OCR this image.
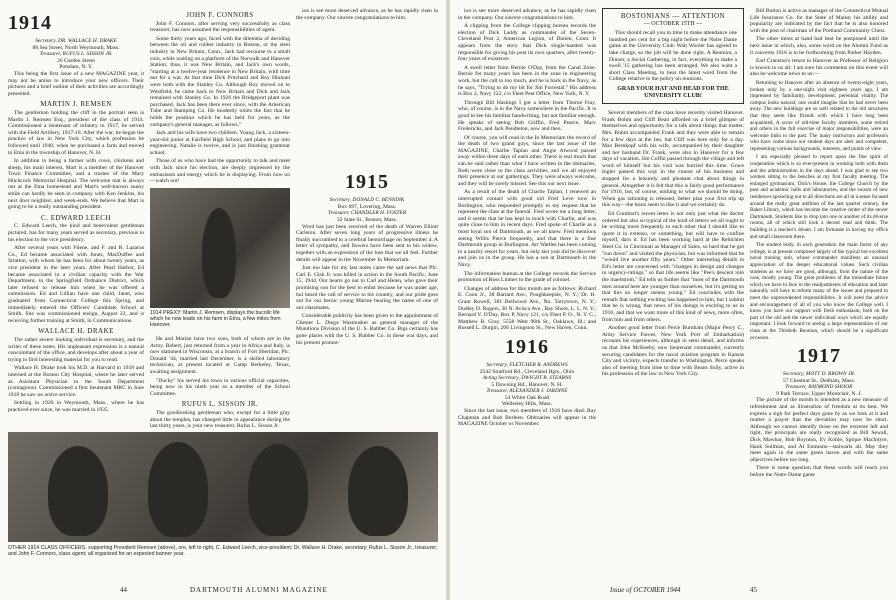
1914
Secretary, DR. WALLACE H. DRAKE
88 Sea Street, North Weymouth, Mass.
Treasurer, RUFUS L. SISSON JR.
26 Garden Street
Potsdam, N. Y.

This being the first issue of a new MAGAZINE year, it may not be amiss to introduce your new officers. Their pictures and a brief outline of their activities are accordingly presented.

MARTIN J. REMSEN

The gentleman holding the cliff in the portrait seen is Martin J. Remsen Esq., president of the class of 1914. Commissioned a lieutenant of infantry in 1917, he served with the Field Artillery, 1917-18. After the war, he began the practice of law in New York City, which profession he followed until 1940, when he purchased a farm and moved to Etna in the township of Hanover, N. H.

In addition to being a farmer with cows, chickens and sheep, his main interest, Mart is a member of the Hanover Town Finance Committee, and a trustee of the Mary Hitchcock Memorial Hospital. The welcome mat is always out at the Etna homestead and Mart's well-known sunny smile can hardly be seen in company with Ken Jenkins, his next door neighbor, and week-ends. We believe that Mart is going to be a really outstanding president.

C. EDWARD LEECH

C. Edward Leech, the kind and benevolent gentleman pictured, has for many years served as secretary, previous to his election to the vice presidency.

After several years with Filene, and F. and R. Lazarus Co., Ed became associated with Jones, MacDuffee and Stratton, with whom he has been for about twenty years, as vice president in the later years. After Pearl Harbor, Ed became associated in a civilian capacity with the War Department, in the Springfield Ordnance District, which later refused to release him when he was offered a commission. Ed and Lillian have one child, Janet, who graduated from Connecticut College this Spring, and immediately entered the Officers' Candidate School at Smith. She was commissioned ensign, August 22, and is receiving further training at Smith, in Communications.

WALLACE H. DRAKE

The rather severe looking individual is secretary, and the writer of these notes. His unpleasant expression is a natural concomitant of the office, and develops after about a year of trying to find interesting material for you to read.

Wallace H. Drake took his M.D. at Harvard in 1918 and interned at the Boston City Hospital, where he later served as Assistant Physician to the South Department (contagious). Commissioned a first lieutenant MRC in June 1918 he saw no active service.

Settling in 1920 in Weymouth, Mass., where he has practiced ever since, he was married in 1935.

JOHN F. CONNORS

John F. Connors, after serving very successfully as class treasurer, has now assumed the responsibilities of agent.

Some thirty years ago, faced with the dilemma of deciding between the oil and rubber industry in Boston, or the steel industry in New Britain, Conn., Jack had recourse to a small coin, while waiting on a platform of the Norwalk and Hanover Station; thus, it was New Britain, and Jack's own words, "starting at a twelve-year residence in New Britain, with time out for a war. At that time Dick Pritchard and Roy Hinman were both with the Stanley Co. Although Roy moved on to Westfield, he came back to New Britain and Dick and Jack remained with Stanley Co. In 1926 the Bridgeport plant was purchased, Jack has been there ever since, with the American Tube and Stamping Co. He modestly omits the fact that he holds the position which he has held for years, as the company's general manager, as follows."

Jack and his wife have two children. Young Jack, a sixteen-year-old junior at Fairfield High School, and plans to go into engineering. Natalie is twelve, and is just finishing grammar school.

Those of us who have had the opportunity to talk and meet with Jack since his election, are deeply impressed by the enthusiasm and energy which he is displaying. From now on—watch out!

1914 PREXY: Martin J. Remsen, displays the bucolic life which he now leads on his farm in Etna, a few miles from Hanover.

He and Marian have two sons, both of whom are in the Army. Robert, just returned from a year in Africa and Italy, is now stationed in Wisconsin, at a branch of Fort Sheridan, Pic. Donald '44, married last December, is a skilled laboratory technician, at present located at Camp Berkeley, Texas, awaiting assignment.

"Ducky" his served his town in various official capacities, being now in his ninth year as a member of the School Committee.

RUFUS L. SISSON JR.

The goodlooking gentleman who, except for a little gray about the temples, has changed little in appearance during the last thirty years, is your new treasurer, Rufus L. Sisson Jr.

ion is see more deserved advance, as he has rapidly risen in the company. Our sincere congratulations to him.

1915
Secretary, DONALD C. BENNINK
Box 697, Lovering, Mass.
Treasurer, CHANDLER H. FOSTER
32 State St., Boston, Mass.

Word has just been received of the death of Warren Elliott Carleton. After seven long years of progressive illness he finally succumbed to a cerebral hemorrhage on September 4. A letter of sympathy, and flowers have been sent to his widow, together with an expression of the loss that we all feel. Further details will appear in the November In Memoriam.

Just too late for my last notes came the sad news that Pfc. Carl E. Gish Jr. was killed in action in the South Pacific, June 15, 1944. Our hearts go out to Carl and Helen, who gave their promising son for the best to enlist because he was under age, but heard the call of service to his country, and our pride goes out for our heroic young Marine bearing the name of one of our classmates.

Considerable publicity has been given to the appointment of Chester L. Diego Wasmusker as general manager of the Munitions Division of the U. S. Rubber Co. Bigs certainly has gone places with the U. S. Rubber Co. in these war days, and his present promot-

OTHER 1914 CLASS OFFICERS, supporting President Remsen (above), ore, left to right, C. Edward Leech, vice-president; Dr. Wallace H. Drake, secretary; Rufus L. Sisson Jr., treasurer; and John F. Connors, class agent; all organized for an expected banner year.
44	DARTMOUTH ALUMNI MAGAZINE

ion is see more deserved advance, as he has rapidly risen in the company. Our sincere congratulations to him.

A clipping from the College clipping bureau records the election of Dick Laddy as commander of the Seven-Cleveland Post 2, American Legion, of Darien, Conn. It appears from the story that Dick single-handed was responsible for giving his post its own quarters, after twenty-four years of existence.

A swell letter from Bernie O'Day, from the Canal Zone. Bernie for many years has been in the zone in engineering work, but the call to too much, and he is back in the Navy, as he says, "Trying to do my bit for Jim Forrestal." His address is Box 2, Navy 122, c/o Fleet Post Office, New York, N. Y.

Through Bill Hastings I got a letter from Thorne Fray, who, of course, is in the Navy somewhere in the Pacific. It is good to see his familiar handwriting, but not familiar enough. He speaks of seeing Bob Griffin, Fred Pearce, Marv Fredericks, and Jack Pendleton, now and then.

Of course, you will read in the In Memoriam the record of the death of two grand guys, since the last issue of the MAGAZINE, Charlie Taplan and Angie Atwood passed away within three days of each other. There is real much that can be said rather than what I have written in the obituaries. Both were close to the class activities, and we all enjoyed their presence at our gatherings. They were always welcome, and they will be sorely missed. See this our next issue.

As a result of the death of Charlie Taplan, I renewed an interrupted contact with good old Fred Leve now in Burlington, who responded promptly to my request that he represent the class at the funeral. Fred wrote me a long letter, and it seems that he has kept in touch with Charlie, and was quite close to him in recent days. Fred spoke of Charlie as a most loyal son of Dartmouth, as we all knew. Fred mentions seeing Willis Pierce frequently, and that there is a fine Dartmouth group in Burlington. Art Wattles has been coming to a nearby resort for years, but only last year did he discover and join us in the group. He has a son at Dartmouth in the Navy.

The information bureau at the College records the Service promotion of Ross Lintner to the grade of colonel.

Changes of address for this month are as follows: Richard E. Coon Jr., 38 Bartard Ave., Poughkeepsie, N. Y.; Dr. H. Grant Rowell, 381 Bellwood Ave., No. Tarrytown, N. Y.; Dudley D. Rogers, 30 N. Avisca Ave., Bay Shore, L. I., N. Y.; Bernard V. O'Day, Box P, Navy 121, c/o Fleet P. O., N. Y. C.; Matthew R. Gray, 5558 West 96th St., Oaklawn, Ill.; and Russell L. Durgin, 206 Livingston St., New Haven, Conn.

1916
Secretary, FLETCHER R. ANDREWS
2542 Stratford Rd., Cleveland Hgts., Ohio
Acting Secretary, DWIGHT B. STEARNS
5 Downing Rd., Hanover, N. H.
Treasurer, ALEXANDER J. JARDINE
54 White Oak Road
Wellesley Hills, Mass.

Since the last issue, two members of 1916 have died: Ray Chapman and Bob Burleen. Obituaries will appear in the MAGAZINE October or November.

BOSTONIANS — ATTENTION
— OCTOBER 15TH —

This should recall you in time to make attendance one hundred per cent for a big night before the Notre Dame game at the University Club. Walt Wooler has agreed to take charge, so the job will be done right. A Reunion, a Dinner, a Social Gathering, in fact, everything to make a swell '15 gathering has been arranged. We also want a short Class Meeting, to hear the latest word from the College relative to the policy on reunions.

GRAB YOUR HAT AND HEAD FOR THE UNIVERSITY CLUB!

Several members of the class have recently visited Hanover. Frank Bohm and Cliff Bean afforded us a brief glimpse of themselves and opportunity for a talk about things that matter. Mrs. Bohm accompanied Frank and they were able to remain for a few days at the Inn, but Cliff was here only for a day. Max Bernkopf with his wife, accompanied by their daughter and her husband Dr. Frank, were also in Hanover for a few days of vacation. Jim Coffin passed through the village and left word of himself but his visit was hurried this time. Grace Ingler passed this way in the course of his business and stopped for a leisurely and pleasant chat about things in general. Altogether it is felt that this is fairly good performance for 1916, but, of course, nothing to what we should be doing. When gas rationing is released, better plan your first trip up this way—the hosts seem to like it and we certainly do.

Ed Gombart's recent letter is not only just what the doctor ordered but also so typical of the kind of letters we all ought to be writing more frequently to each other that I should like to quote it in extenso, or something, but will have to confine myself, darn it. Ed has been working hard at the Rehlchten Steel Co. in Cincinnati as Manager of Sales, so hard that he got "run down" and visited the physician, but was informed that he "would live another fifty years." Other interesting details in Ed's letter are concerned with "changes in design and changes in urgency-ratings," so that life seems like "Pee's descent into the maelstrom." Ed tells us further that "most of the Dartmouth men around here are younger than ourselves, but it's getting so that this no longer means young." Ed concludes with the remark that nothing exciting has happened to him, but I submit that he is wrong, that news of his doings is exciting to us in 1916, and that we want more of this kind of news, more often, from him and from others.

Another good letter from Perce Burnham (Major Percy C., Army Service Forces, New York Port of Embarkation) recounts his experiences, although in semi detail, and informs us that John McKeeby, now lieutenant commander, currently securing candidates for the naval aviation program in Kansas City and vicinity, expects transfer to Washington. Perce speaks also of meeting from time to time with Beans Sully, active in his profession of the law in New York City.

Bill Button is active as manager of the Connecticut Mutual Life Insurance Co. for the State of Maine; his ability and popularity are indicated by the fact that he is also honored with the post of chairman of the Portland Community Chest.

The other items at hand had best be postponed until the next issue in which, also, some word on the Alumni Fund as it concerns 1916 is to be forthcoming from Parker Hayden.

Earl Cranston's return to Hanover as Professor of Religion is known to us all: I am sure his comments on this event will also be welcome news to us:—

Returning to Hanover after an absence of twenty-eight years, broken only by a one-night visit eighteen years ago, I am impressed by familiarity, development, perennial vitality. The campus looks natural; one could imagine that he had never been away. The new buildings are so well related to the old structures that they seem like friends with which I have long been acquainted. A score of old-time faculty members, some retired and others in the full exercise of major responsibilities, were an welcome links to the past. The many instructors and professors who have come since our student days are alert and competent, representing various backgrounds, interests, and points of view.

I am especially pleased to report upon the fine spirit of cooperation which is so ever-present in working both with them and the administration in the days ahead. I was glad to see two women sitting in the benches at my first faculty meeting. The enlarged gymnasium, Dick's House, the College Church by the post and academic halls and laboratories, and the swarm of new residences sprawling out to all directions are all in a sense focused around the really great addition of the last quarter century, the Baker Library, which has become the creative center of the newer Dartmouth. Students like to drop into one or another of its diverse rooms, all of which still look a decent read and think. The building is a teacher's dream. I am fortunate in having my office and small classroom there.

The student body, in each generation the main factor of any college, is at present composed largely of the typical but excellent naval training unit, whose commander manifests an unusual appreciation of the deeper educational values. Such civilian students as we have are good, although, from the nature of the case, mostly young. The great problems of the immediate future which we have to face in the readjustments of education and later naturally will have to reform many of the issues and prepared to meet the unprecedented responsibilities. It will need the advice and encouragement of all of you who know the College well. I know you have our support with fresh enthusiasm, both on the part of the old and the newer individual ways which are equally important. I look forward to seeing a large representation of our class at the Thirtieth Reunion, which should be a significant occasion.

1917
Secretary, MOTT D. BROWN JR.
57 Chestnut St., Dedham, Mass.
Treasurer, RAYMOND SHOOK
9 Park Terrace, Upper Montclair, N. J.

The picture of the month is intended as a new measure of refreshment and as illustration of freedom at its best. We express a sigh for perfect days gone by as we look at it and mutter a prayer that the deviation may now be short. Although we cannot identify those on the extreme left and right, the principals are really recognized as Bill Sewall, Dick Mawhar, Bob Boynton, Ev Kohle, Spique MacIntyre, Hank Sullman, and Al Emmons—stalwarts all. May they meet again in the same green haven and with the same objectives before too long.

There is some question that these words will reach you before the Notre Dame game

Issue of OCTOBER 1944	45
